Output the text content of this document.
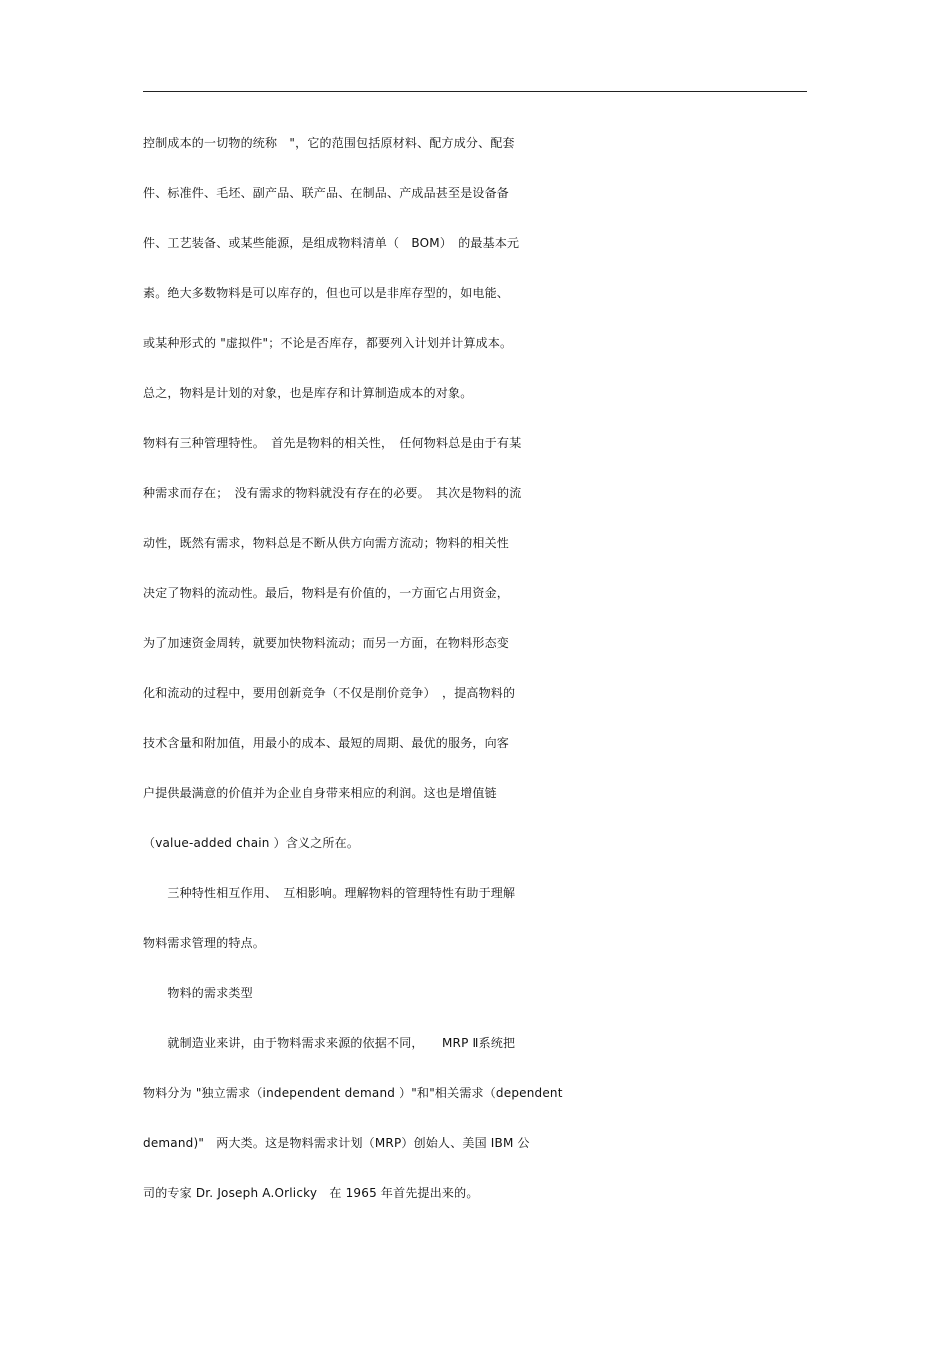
控制成本的一切物的统称　"，它的范围包括原材料、配方成分、配套
件、标准件、毛坯、副产品、联产品、在制品、产成品甚至是设备备
件、工艺装备、或某些能源，是组成物料清单（　BOM）　的最基本元
素。绝大多数物料是可以库存的，但也可以是非库存型的，如电能、
或某种形式的 "虚拟件"；不论是否库存，都要列入计划并计算成本。
总之，物料是计划的对象，也是库存和计算制造成本的对象。
物料有三种管理特性。　首先是物料的相关性，　任何物料总是由于有某
种需求而存在；　没有需求的物料就没有存在的必要。　其次是物料的流
动性，既然有需求，物料总是不断从供方向需方流动；物料的相关性
决定了物料的流动性。最后，物料是有价值的，一方面它占用资金，
为了加速资金周转，就要加快物料流动；而另一方面，在物料形态变
化和流动的过程中，要用创新竞争（不仅是削价竞争）　，提高物料的
技术含量和附加值，用最小的成本、最短的周期、最优的服务，向客
户提供最满意的价值并为企业自身带来相应的利润。这也是增值链
（value-added chain ）含义之所在。
　　三种特性相互作用、　互相影响。理解物料的管理特性有助于理解
物料需求管理的特点。
　　物料的需求类型
　　就制造业来讲，由于物料需求来源的依据不同，　　MRP Ⅱ系统把
物料分为 "独立需求（independent demand ）"和"相关需求（dependent
demand)"　两大类。这是物料需求计划（MRP）创始人、美国 IBM 公
司的专家 Dr. Joseph A.Orlicky　在 1965 年首先提出来的。
